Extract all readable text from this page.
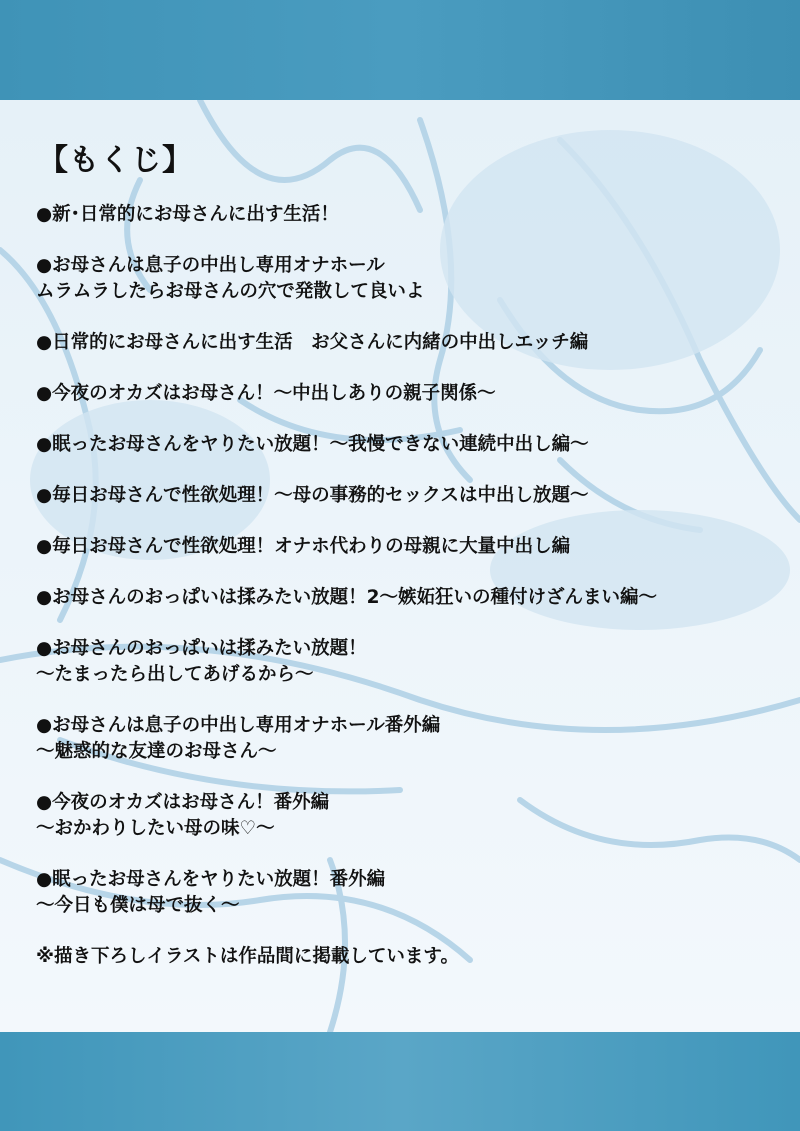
【もくじ】
●新･日常的にお母さんに出す生活！
●お母さんは息子の中出し専用オナホール
ムラムラしたらお母さんの穴で発散して良いよ
●日常的にお母さんに出す生活　お父さんに内緒の中出しエッチ編
●今夜のオカズはお母さん！～中出しありの親子関係～
●眠ったお母さんをヤりたい放題！～我慢できない連続中出し編～
●毎日お母さんで性欲処理！～母の事務的セックスは中出し放題～
●毎日お母さんで性欲処理！オナホ代わりの母親に大量中出し編
●お母さんのおっぱいは揉みたい放題！2～嫉妬狂いの種付けざんまい編～
●お母さんのおっぱいは揉みたい放題！
～たまったら出してあげるから～
●お母さんは息子の中出し専用オナホール番外編
～魅惑的な友達のお母さん～
●今夜のオカズはお母さん！番外編
～おかわりしたい母の味♡～
●眠ったお母さんをヤりたい放題！番外編
～今日も僕は母で抜く～
※描き下ろしイラストは作品間に掲載しています。
